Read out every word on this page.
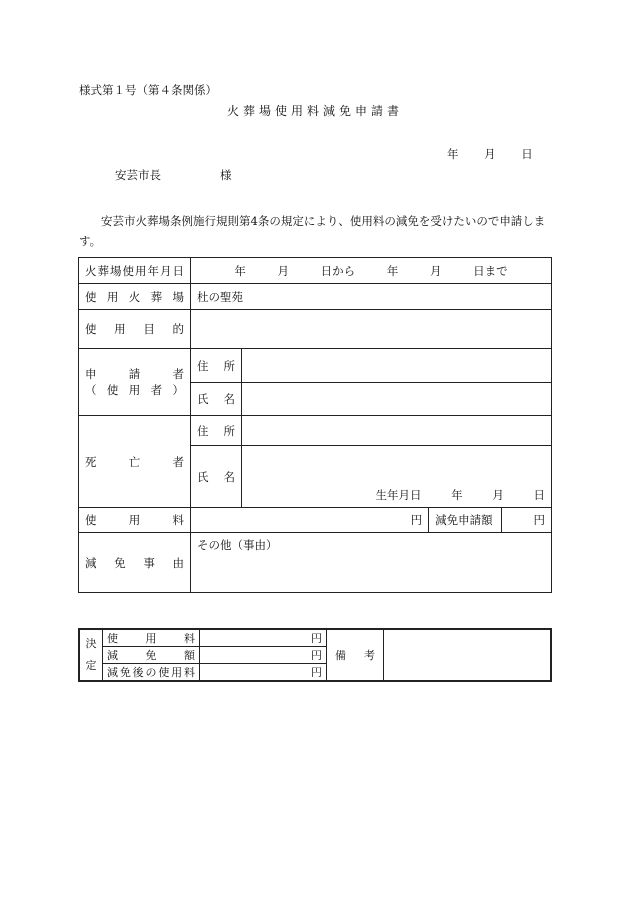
様式第１号（第４条関係）
火葬場使用料減免申請書
年 月 日
安芸市長	様
安芸市火葬場条例施行規則第4条の規定により、使用料の減免を受けたいので申請します。
火葬場使用年月日	年 月 日から 年 月 日まで			
使用火葬場	杜の聖苑			
使用目的				

申請者
（使用者）	住所			
	氏名			
死亡者	住所			
	氏名	生年月日 年 月 日		
使用料	円		減免申請額	円
減免事由	その他（事由）			
決
定	使用料	円	備考	
	減免額	円		
	減免後の使用料	円		
